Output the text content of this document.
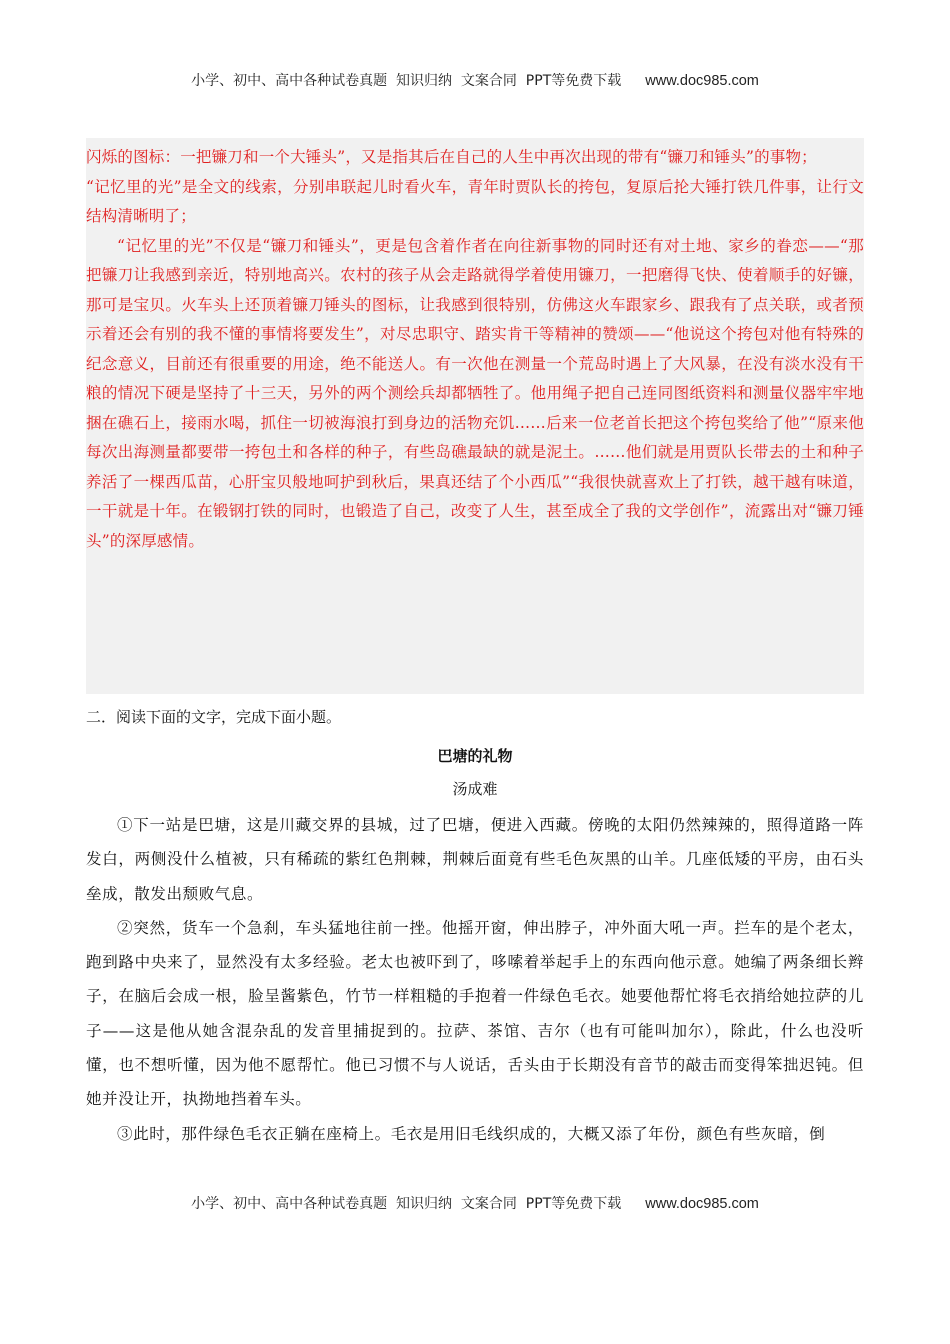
小学、初中、高中各种试卷真题  知识归纳  文案合同  PPT等免费下载 www.doc985.com

闪烁的图标：一把镰刀和一个大锤头”，又是指其后在自己的人生中再次出现的带有“镰刀和锤头”的事物；

“记忆里的光”是全文的线索，分别串联起儿时看火车，青年时贾队长的挎包，复原后抡大锤打铁几件事，让行文结构清晰明了；

“记忆里的光”不仅是“镰刀和锤头”，更是包含着作者在向往新事物的同时还有对土地、家乡的眷恋——“那把镰刀让我感到亲近，特别地高兴。农村的孩子从会走路就得学着使用镰刀，一把磨得飞快、使着顺手的好镰，那可是宝贝。火车头上还顶着镰刀锤头的图标，让我感到很特别，仿佛这火车跟家乡、跟我有了点关联，或者预示着还会有别的我不懂的事情将要发生”，对尽忠职守、踏实肯干等精神的赞颂——“他说这个挎包对他有特殊的纪念意义，目前还有很重要的用途，绝不能送人。有一次他在测量一个荒岛时遇上了大风暴，在没有淡水没有干粮的情况下硬是坚持了十三天，另外的两个测绘兵却都牺牲了。他用绳子把自己连同图纸资料和测量仪器牢牢地捆在礁石上，接雨水喝，抓住一切被海浪打到身边的活物充饥……后来一位老首长把这个挎包奖给了他”“原来他每次出海测量都要带一挎包土和各样的种子，有些岛礁最缺的就是泥土。……他们就是用贾队长带去的土和种子养活了一棵西瓜苗，心肝宝贝般地呵护到秋后，果真还结了个小西瓜”“我很快就喜欢上了打铁，越干越有味道，一干就是十年。在锻钢打铁的同时，也锻造了自己，改变了人生，甚至成全了我的文学创作”，流露出对“镰刀锤头”的深厚感情。

二．阅读下面的文字，完成下面小题。
巴塘的礼物
汤成难

①下一站是巴塘，这是川藏交界的县城，过了巴塘，便进入西藏。傍晚的太阳仍然辣辣的，照得道路一阵发白，两侧没什么植被，只有稀疏的紫红色荆棘，荆棘后面竟有些毛色灰黑的山羊。几座低矮的平房，由石头垒成，散发出颓败气息。

②突然，货车一个急刹，车头猛地往前一挫。他摇开窗，伸出脖子，冲外面大吼一声。拦车的是个老太，跑到路中央来了，显然没有太多经验。老太也被吓到了，哆嗦着举起手上的东西向他示意。她编了两条细长辫子，在脑后会成一根，脸呈酱紫色，竹节一样粗糙的手抱着一件绿色毛衣。她要他帮忙将毛衣捎给她拉萨的儿子——这是他从她含混杂乱的发音里捕捉到的。拉萨、茶馆、吉尔（也有可能叫加尔），除此，什么也没听懂，也不想听懂，因为他不愿帮忙。他已习惯不与人说话，舌头由于长期没有音节的敲击而变得笨拙迟钝。但她并没让开，执拗地挡着车头。

③此时，那件绿色毛衣正躺在座椅上。毛衣是用旧毛线织成的，大概又添了年份，颜色有些灰暗，倒

小学、初中、高中各种试卷真题  知识归纳  文案合同  PPT等免费下载 www.doc985.com
